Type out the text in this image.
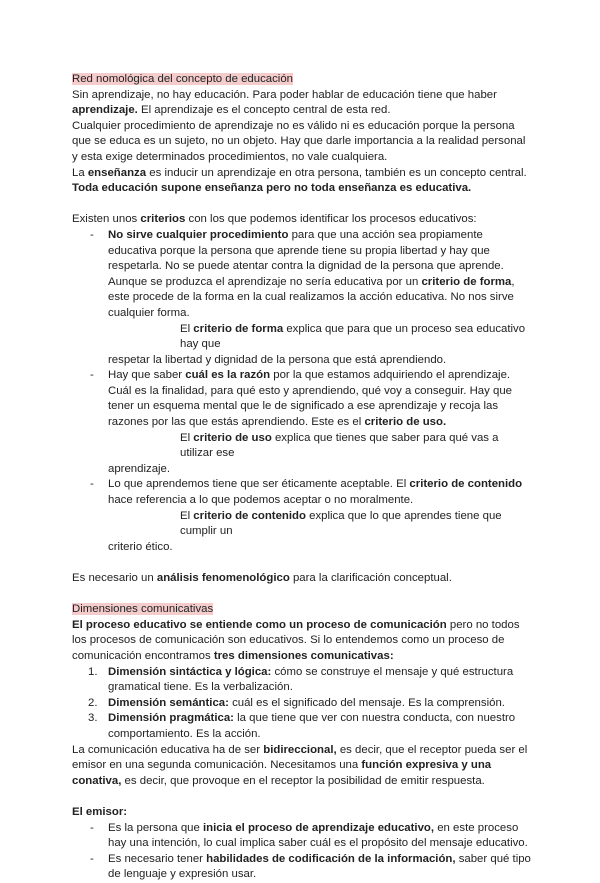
Red nomológica del concepto de educación

Sin aprendizaje, no hay educación. Para poder hablar de educación tiene que haber aprendizaje. El aprendizaje es el concepto central de esta red.

Cualquier procedimiento de aprendizaje no es válido ni es educación porque la persona que se educa es un sujeto, no un objeto. Hay que darle importancia a la realidad personal y esta exige determinados procedimientos, no vale cualquiera.

La enseñanza es inducir un aprendizaje en otra persona, también es un concepto central.

Toda educación supone enseñanza pero no toda enseñanza es educativa.

Existen unos criterios con los que podemos identificar los procesos educativos:

- No sirve cualquier procedimiento para que una acción sea propiamente educativa porque la persona que aprende tiene su propia libertad y hay que respetarla. No se puede atentar contra la dignidad de la persona que aprende. Aunque se produzca el aprendizaje no sería educativa por un criterio de forma, este procede de la forma en la cual realizamos la acción educativa. No nos sirve cualquier forma.
El criterio de forma explica que para que un proceso sea educativo hay que
respetar la libertad y dignidad de la persona que está aprendiendo.
- Hay que saber cuál es la razón por la que estamos adquiriendo el aprendizaje. Cuál es la finalidad, para qué esto y aprendiendo, qué voy a conseguir. Hay que tener un esquema mental que le de significado a ese aprendizaje y recoja las razones por las que estás aprendiendo. Este es el criterio de uso.
El criterio de uso explica que tienes que saber para qué vas a utilizar ese
aprendizaje.
- Lo que aprendemos tiene que ser éticamente aceptable. El criterio de contenido hace referencia a lo que podemos aceptar o no moralmente.
El criterio de contenido explica que lo que aprendes tiene que cumplir un
criterio ético.

Es necesario un análisis fenomenológico para la clarificación conceptual.

Dimensiones comunicativas

El proceso educativo se entiende como un proceso de comunicación pero no todos los procesos de comunicación son educativos. Si lo entendemos como un proceso de comunicación encontramos tres dimensiones comunicativas:

1. Dimensión sintáctica y lógica: cómo se construye el mensaje y qué estructura gramatical tiene. Es la verbalización.
2. Dimensión semántica: cuál es el significado del mensaje. Es la comprensión.
3. Dimensión pragmática: la que tiene que ver con nuestra conducta, con nuestro comportamiento. Es la acción.

La comunicación educativa ha de ser bidireccional, es decir, que el receptor pueda ser el emisor en una segunda comunicación. Necesitamos una función expresiva y una conativa, es decir, que provoque en el receptor la posibilidad de emitir respuesta.

El emisor:

- Es la persona que inicia el proceso de aprendizaje educativo, en este proceso hay una intención, lo cual implica saber cuál es el propósito del mensaje educativo.
- Es necesario tener habilidades de codificación de la información, saber qué tipo de lenguaje y expresión usar.
